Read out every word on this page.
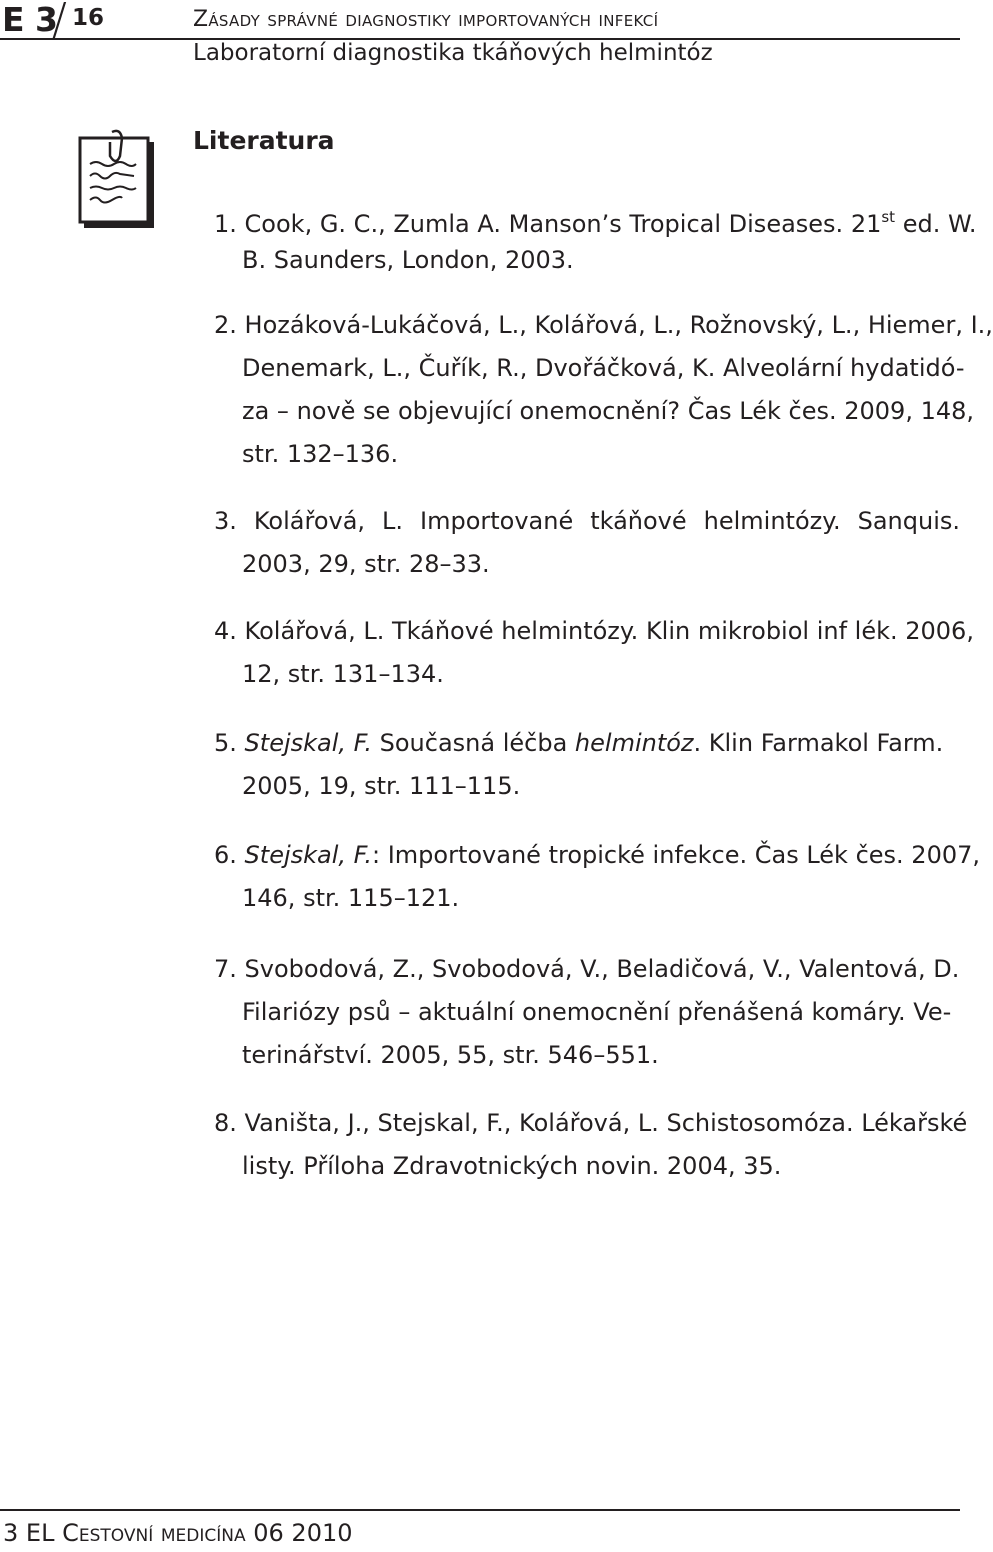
E 3
/ 16	Zásady správné diagnostiky importovaných infekcí
Laboratorní diagnostika tkáňových helmintóz
Literatura
1. Cook, G. C., Zumla A. Manson’s Tropical Diseases. 21st ed. W.
B. Saunders, London, 2003.
2. Hozáková-Lukáčová, L., Kolářová, L., Rožnovský, L., Hiemer, I.,
Denemark, L., Čuřík, R., Dvořáčková, K. Alveolární hydatidó-
za – nově se objevující onemocnění? Čas Lék čes. 2009, 148,
str. 132–136.
3. Kolářová, L. Importované tkáňové helmintózy. Sanquis.
2003, 29, str. 28–33.
4. Kolářová, L. Tkáňové helmintózy. Klin mikrobiol inf lék. 2006,
12, str. 131–134.
5. Stejskal, F. Současná léčba helmintóz. Klin Farmakol Farm.
2005, 19, str. 111–115.
6. Stejskal, F.: Importované tropické infekce. Čas Lék čes. 2007,
146, str. 115–121.
7. Svobodová, Z., Svobodová, V., Beladičová, V., Valentová, D.
Filariózy psů – aktuální onemocnění přenášená komáry. Ve-
terinářství. 2005, 55, str. 546–551.
8. Vaništa, J., Stejskal, F., Kolářová, L. Schistosomóza. Lékařské
listy. Příloha Zdravotnických novin. 2004, 35.
3 EL Cestovní medicína 06 2010
